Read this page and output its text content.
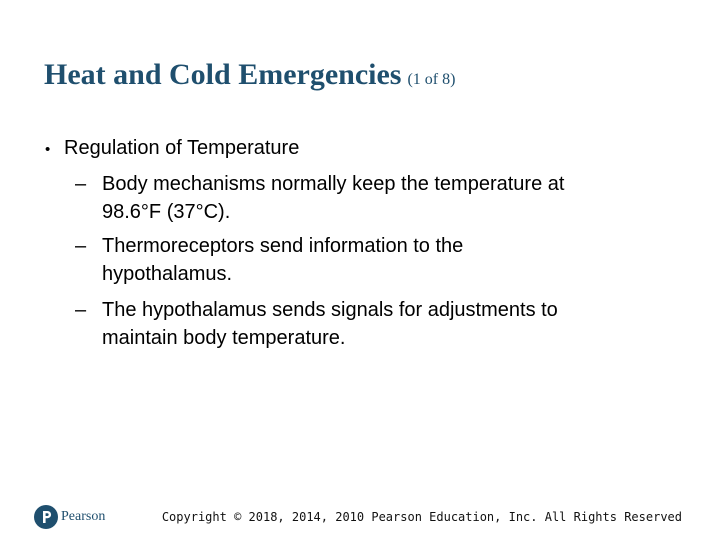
Heat and Cold Emergencies (1 of 8)
• Regulation of Temperature
– Body mechanisms normally keep the temperature at
98.6°F (37°C).
– Thermoreceptors send information to the
hypothalamus.
– The hypothalamus sends signals for adjustments to
maintain body temperature.
Pearson	Copyright © 2018, 2014, 2010 Pearson Education, Inc. All Rights Reserved
